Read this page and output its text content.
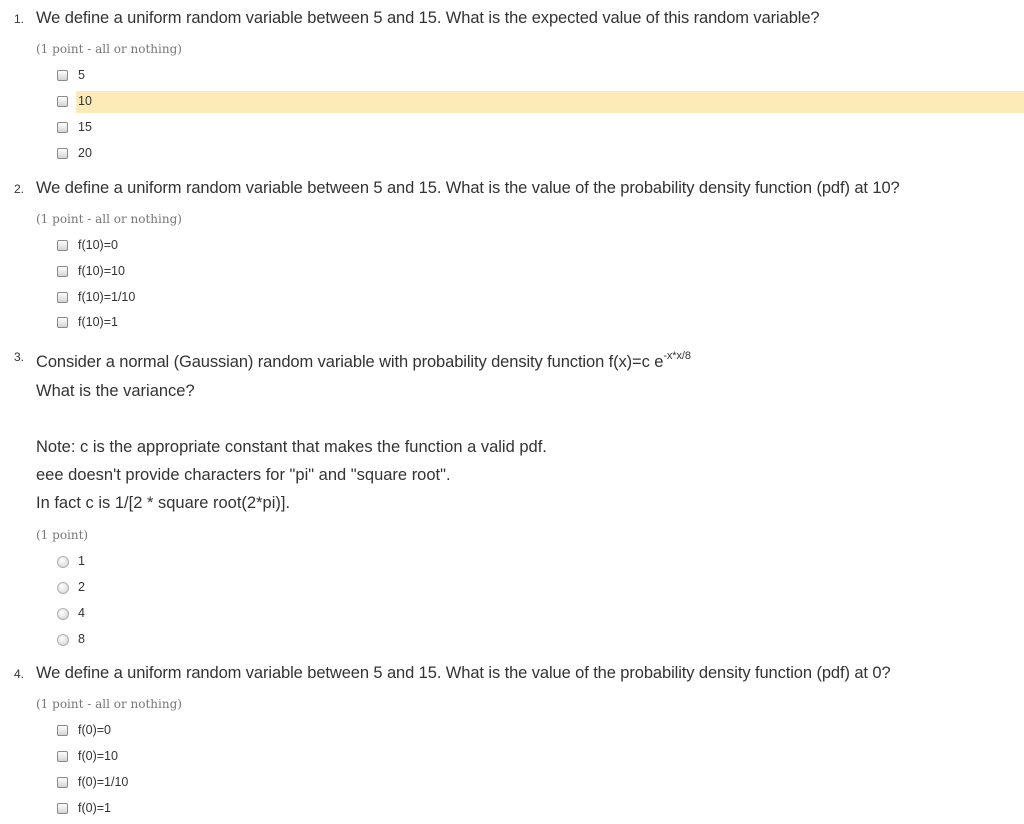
1. We define a uniform random variable between 5 and 15. What is the expected value of this random variable?
(1 point - all or nothing)
5
10
15
20
2. We define a uniform random variable between 5 and 15. What is the value of the probability density function (pdf) at 10?
(1 point - all or nothing)
f(10)=0
f(10)=10
f(10)=1/10
f(10)=1
3. Consider a normal (Gaussian) random variable with probability density function f(x)=c $e^{-x*x/8}$
What is the variance?
Note: c is the appropriate constant that makes the function a valid pdf.
eee doesn't provide characters for "pi" and "square root".
In fact c is 1/[2 * square root(2*pi)].
(1 point)
1
2
4
8
4. We define a uniform random variable between 5 and 15. What is the value of the probability density function (pdf) at 0?
(1 point - all or nothing)
f(0)=0
f(0)=10
f(0)=1/10
f(0)=1
